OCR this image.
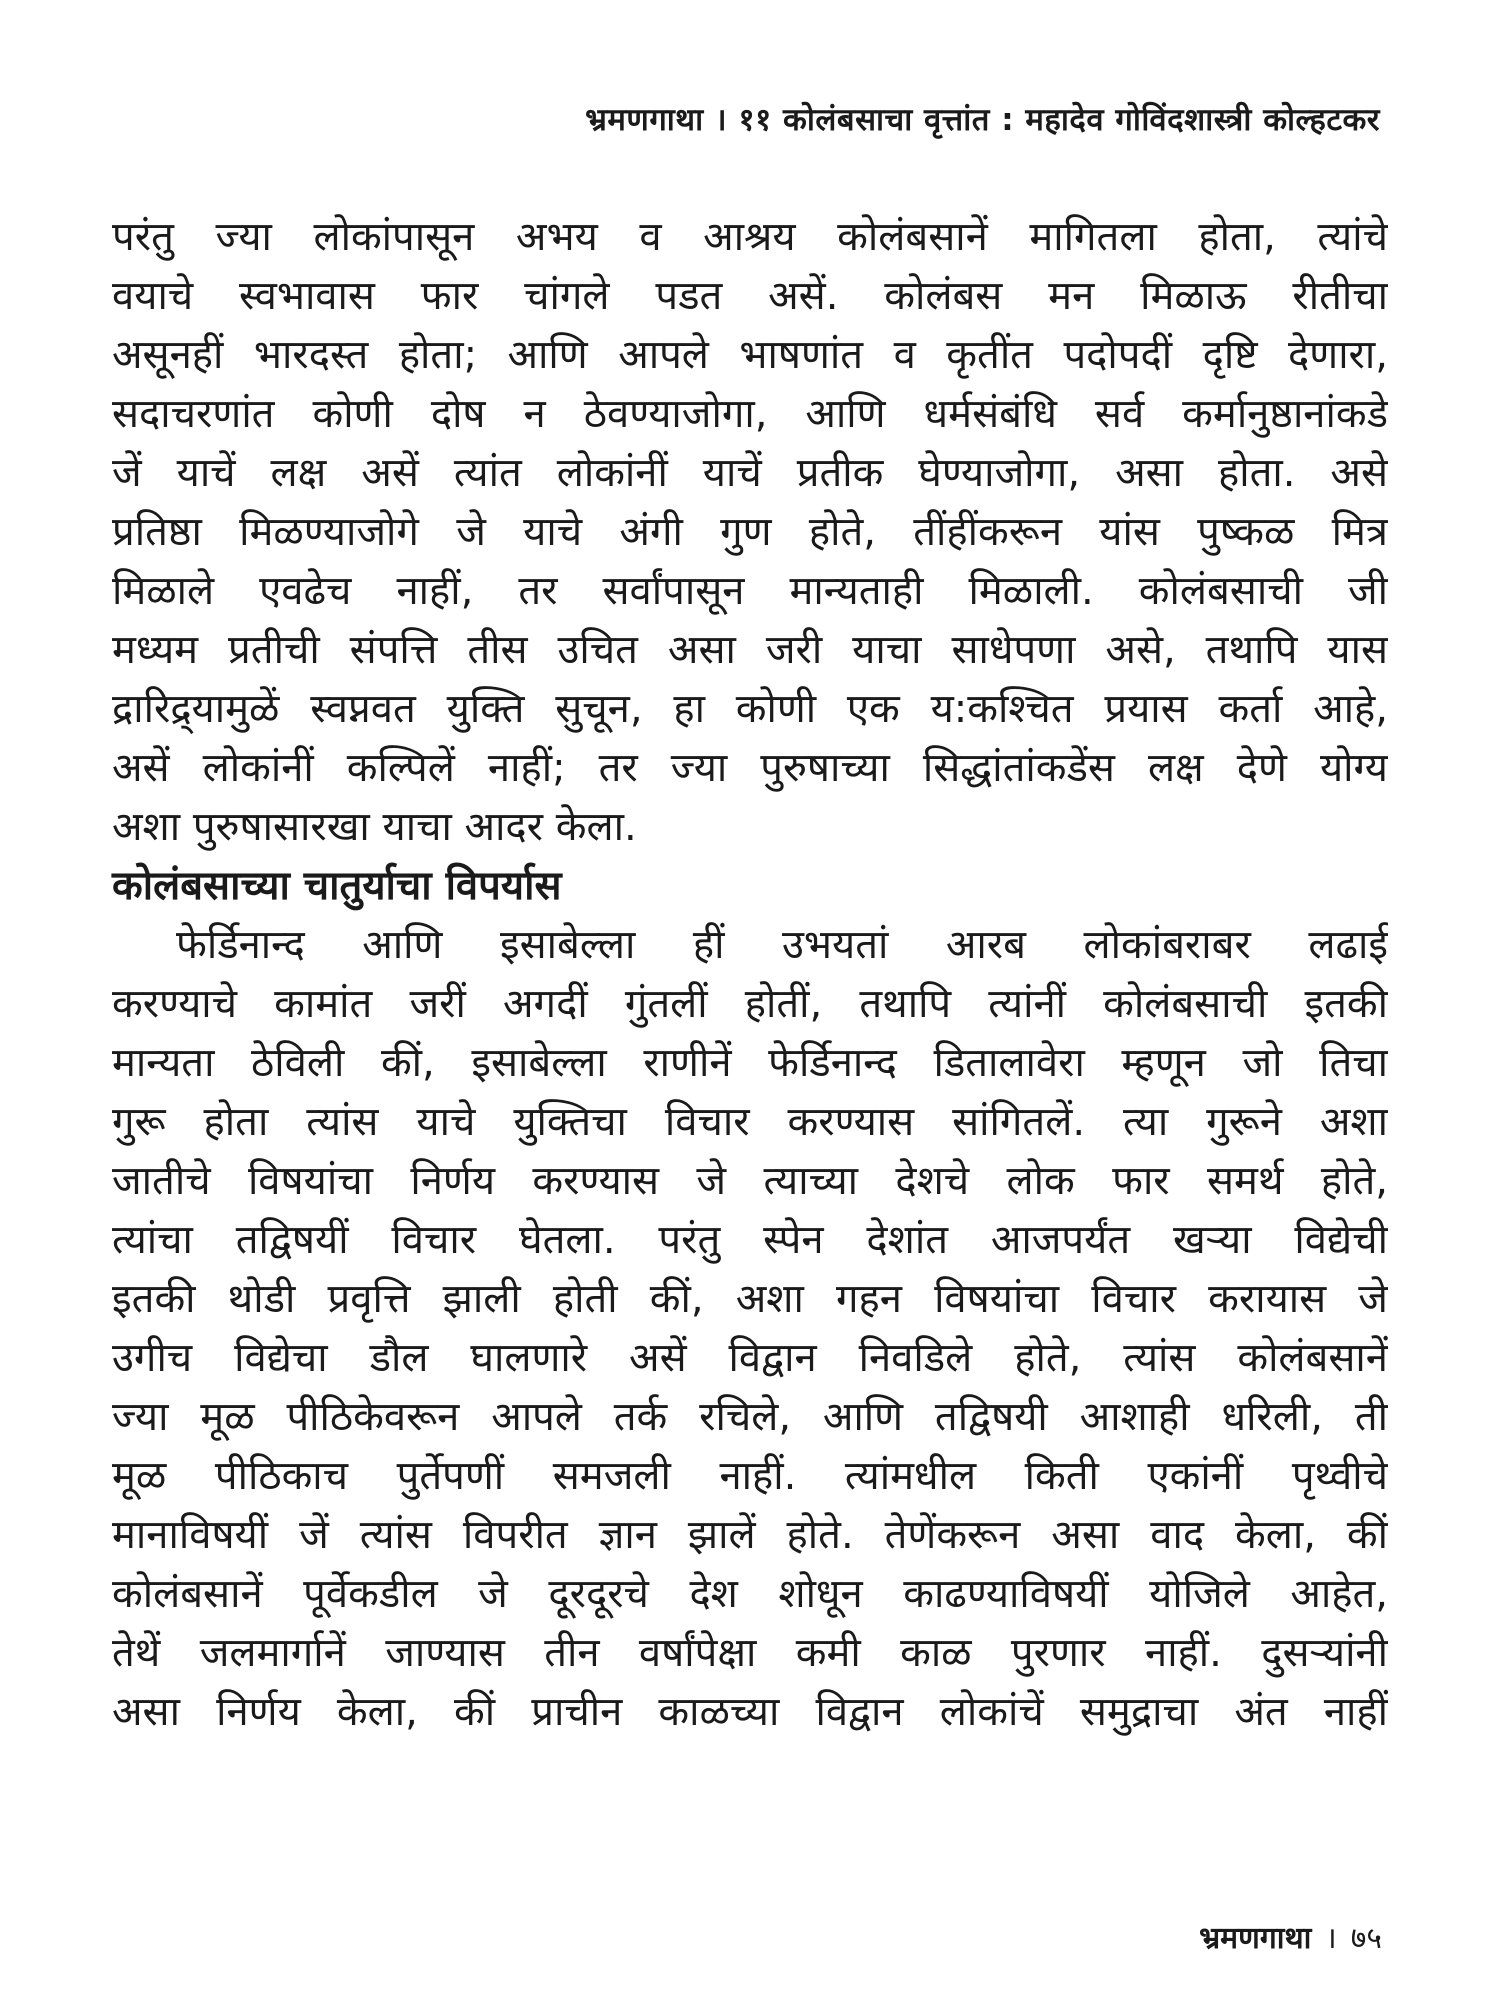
भ्रमणगाथा । ११ कोलंबसाचा वृत्तांत : महादेव गोविंदशास्त्री कोल्हटकर
परंतु ज्या लोकांपासून अभय व आश्रय कोलंबसानें मागितला होता, त्यांचे
वयाचे स्वभावास फार चांगले पडत असें. कोलंबस मन मिळाऊ रीतीचा
असूनहीं भारदस्त होता; आणि आपले भाषणांत व कृतींत पदोपदीं दृष्टि देणारा,
सदाचरणांत कोणी दोष न ठेवण्याजोगा, आणि धर्मसंबंधि सर्व कर्मानुष्ठानांकडे
जें याचें लक्ष असें त्यांत लोकांनीं याचें प्रतीक घेण्याजोगा, असा होता. असे
प्रतिष्ठा मिळण्याजोगे जे याचे अंगी गुण होते, तींहींकरून यांस पुष्कळ मित्र
मिळाले एवढेच नाहीं, तर सर्वांपासून मान्यताही मिळाली. कोलंबसाची जी
मध्यम प्रतीची संपत्ति तीस उचित असा जरी याचा साधेपणा असे, तथापि यास
द्रारिद्र्यामुळें स्वप्नवत युक्ति सुचून, हा कोणी एक य:कश्चित प्रयास कर्ता आहे,
असें लोकांनीं कल्पिलें नाहीं; तर ज्या पुरुषाच्या सिद्धांतांकडेंस लक्ष देणे योग्य
अशा पुरुषासारखा याचा आदर केला.
कोलंबसाच्या चातुर्याचा विपर्यास
फेर्डिनान्द आणि इसाबेल्ला हीं उभयतां आरब लोकांबराबर लढाई
करण्याचे कामांत जरीं अगदीं गुंतलीं होतीं, तथापि त्यांनीं कोलंबसाची इतकी
मान्यता ठेविली कीं, इसाबेल्ला राणीनें फेर्डिनान्द डितालावेरा म्हणून जो तिचा
गुरू होता त्यांस याचे युक्तिचा विचार करण्यास सांगितलें. त्या गुरूने अशा
जातीचे विषयांचा निर्णय करण्यास जे त्याच्या देशचे लोक फार समर्थ होते,
त्यांचा तद्विषयीं विचार घेतला. परंतु स्पेन देशांत आजपर्यंत खऱ्या विद्येची
इतकी थोडी प्रवृत्ति झाली होती कीं, अशा गहन विषयांचा विचार करायास जे
उगीच विद्येचा डौल घालणारे असें विद्वान निवडिले होते, त्यांस कोलंबसानें
ज्या मूळ पीठिकेवरून आपले तर्क रचिले, आणि तद्विषयी आशाही धरिली, ती
मूळ पीठिकाच पुर्तेपणीं समजली नाहीं. त्यांमधील किती एकांनीं पृथ्वीचे
मानाविषयीं जें त्यांस विपरीत ज्ञान झालें होते. तेणेंकरून असा वाद केला, कीं
कोलंबसानें पूर्वेकडील जे दूरदूरचे देश शोधून काढण्याविषयीं योजिले आहेत,
तेथें जलमार्गानें जाण्यास तीन वर्षांपेक्षा कमी काळ पुरणार नाहीं. दुसऱ्यांनी
असा निर्णय केला, कीं प्राचीन काळच्या विद्वान लोकांचें समुद्राचा अंत नाहीं
भ्रमणगाथा । ७५
